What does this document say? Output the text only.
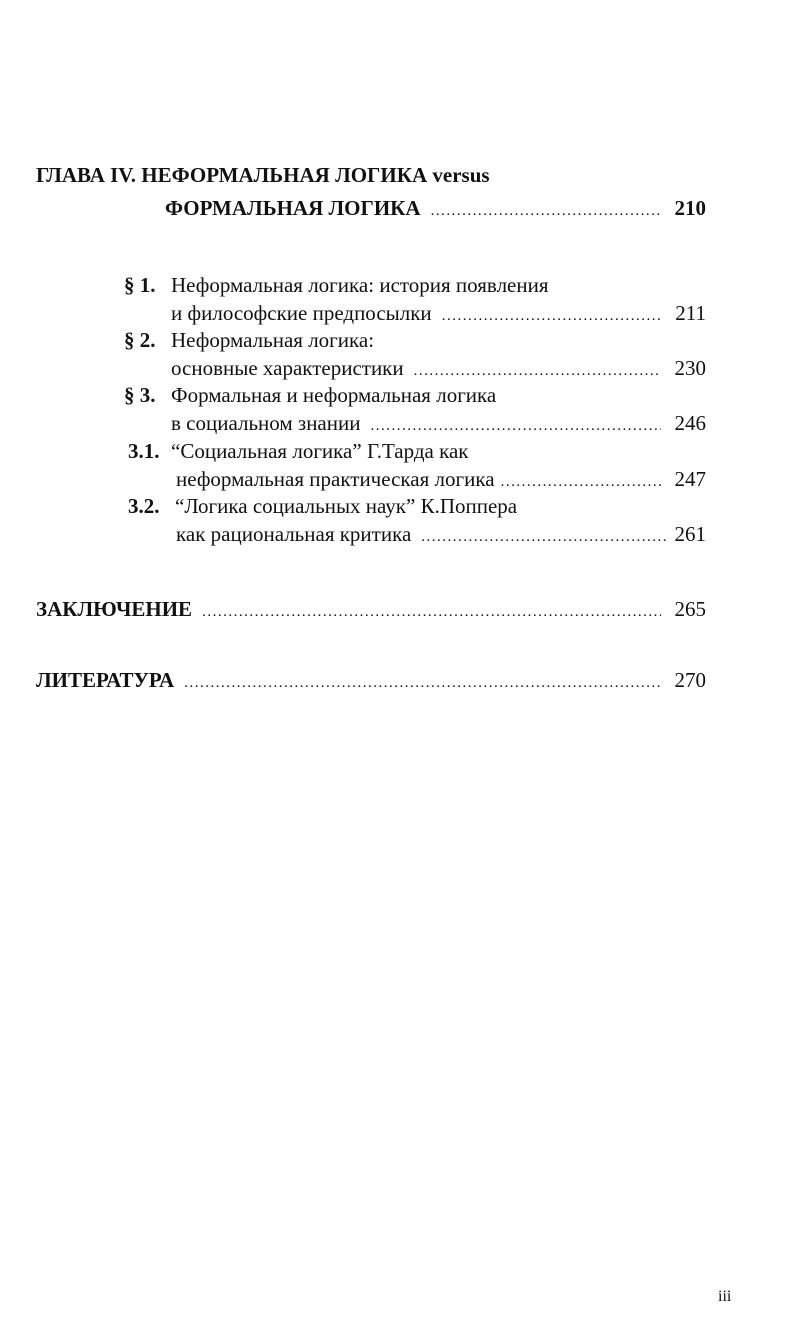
ГЛАВА IV. НЕФОРМАЛЬНАЯ ЛОГИКА versus
ФОРМАЛЬНАЯ ЛОГИКА .....	210
§ 1. Неформальная логика: история появления
и философские предпосылки .....	211
§ 2. Неформальная логика:
основные характеристики .....	230
§ 3. Формальная и неформальная логика
в социальном знании .....	246
3.1. “Социальная логика” Г.Тарда как
неформальная практическая логика .....	247
3.2. “Логика социальных наук” К.Поппера
как рациональная критика .....	261
ЗАКЛЮЧЕНИЕ .....	265
ЛИТЕРАТУРА .....	270
iii
